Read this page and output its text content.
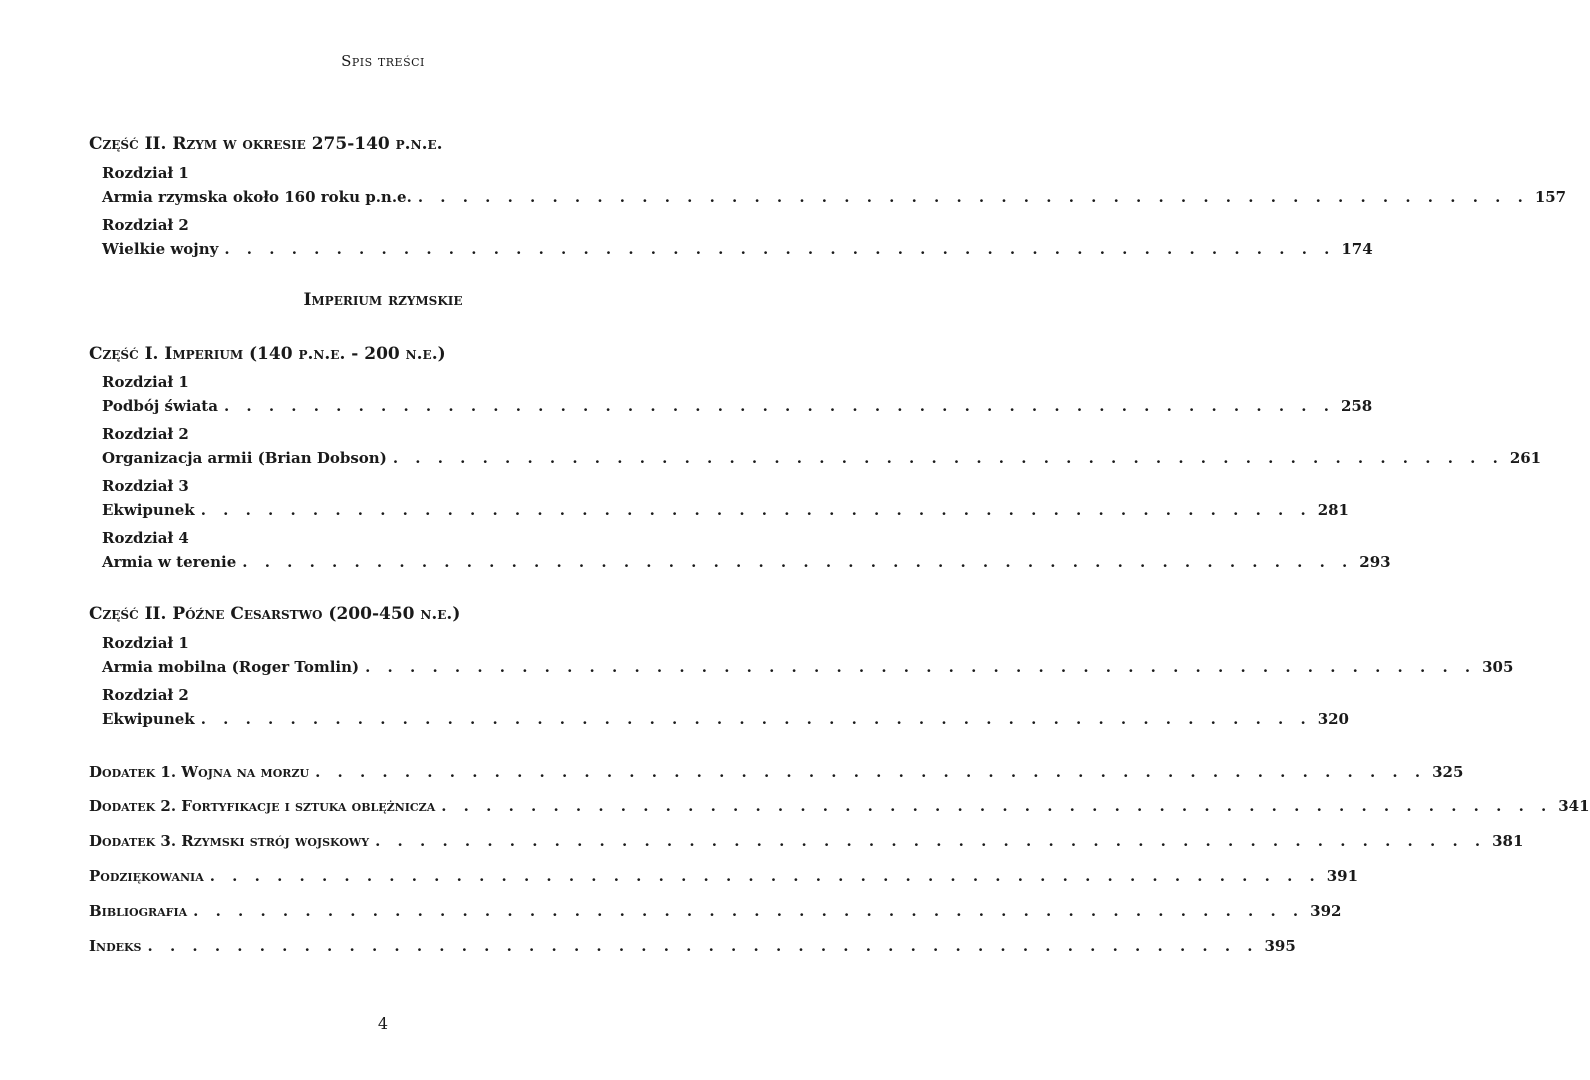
Spis treści
Część II. Rzym w okresie 275-140 p.n.e.
Rozdział 1
Armia rzymska około 160 roku p.n.e. . . . . . . . . . . . . . . . . . . . . . . . . . . . . . . . . . . . . . . . . . . . . . . . . . . 157
Rozdział 2
Wielkie wojny . . . . . . . . . . . . . . . . . . . . . . . . . . . . . . . . . . . . . . . . . . . . . . . . . . 174
Imperium rzymskie
Część I. Imperium (140 p.n.e. - 200 n.e.)
Rozdział 1
Podbój świata . . . . . . . . . . . . . . . . . . . . . . . . . . . . . . . . . . . . . . . . . . . . . . . . . . 258
Rozdział 2
Organizacja armii (Brian Dobson) . . . . . . . . . . . . . . . . . . . . . . . . . . . . . . . . . . . . . . . . . . . . . . . . . . 261
Rozdział 3
Ekwipunek . . . . . . . . . . . . . . . . . . . . . . . . . . . . . . . . . . . . . . . . . . . . . . . . . . 281
Rozdział 4
Armia w terenie . . . . . . . . . . . . . . . . . . . . . . . . . . . . . . . . . . . . . . . . . . . . . . . . . . 293
Część II. Późne Cesarstwo (200-450 n.e.)
Rozdział 1
Armia mobilna (Roger Tomlin) . . . . . . . . . . . . . . . . . . . . . . . . . . . . . . . . . . . . . . . . . . . . . . . . . . 305
Rozdział 2
Ekwipunek . . . . . . . . . . . . . . . . . . . . . . . . . . . . . . . . . . . . . . . . . . . . . . . . . . 320
Dodatek 1. Wojna na morzu . . . . . . . . . . . . . . . . . . . . . . . . . . . . . . . . . . . . . . . . . . . . . . . . . . 325
Dodatek 2. Fortyfikacje i sztuka oblężnicza . . . . . . . . . . . . . . . . . . . . . . . . . . . . . . . . . . . . . . . . . . . . . . . . . . 341
Dodatek 3. Rzymski strój wojskowy . . . . . . . . . . . . . . . . . . . . . . . . . . . . . . . . . . . . . . . . . . . . . . . . . . 381
Podziękowania . . . . . . . . . . . . . . . . . . . . . . . . . . . . . . . . . . . . . . . . . . . . . . . . . . 391
Bibliografia . . . . . . . . . . . . . . . . . . . . . . . . . . . . . . . . . . . . . . . . . . . . . . . . . . 392
Indeks . . . . . . . . . . . . . . . . . . . . . . . . . . . . . . . . . . . . . . . . . . . . . . . . . . 395
4
